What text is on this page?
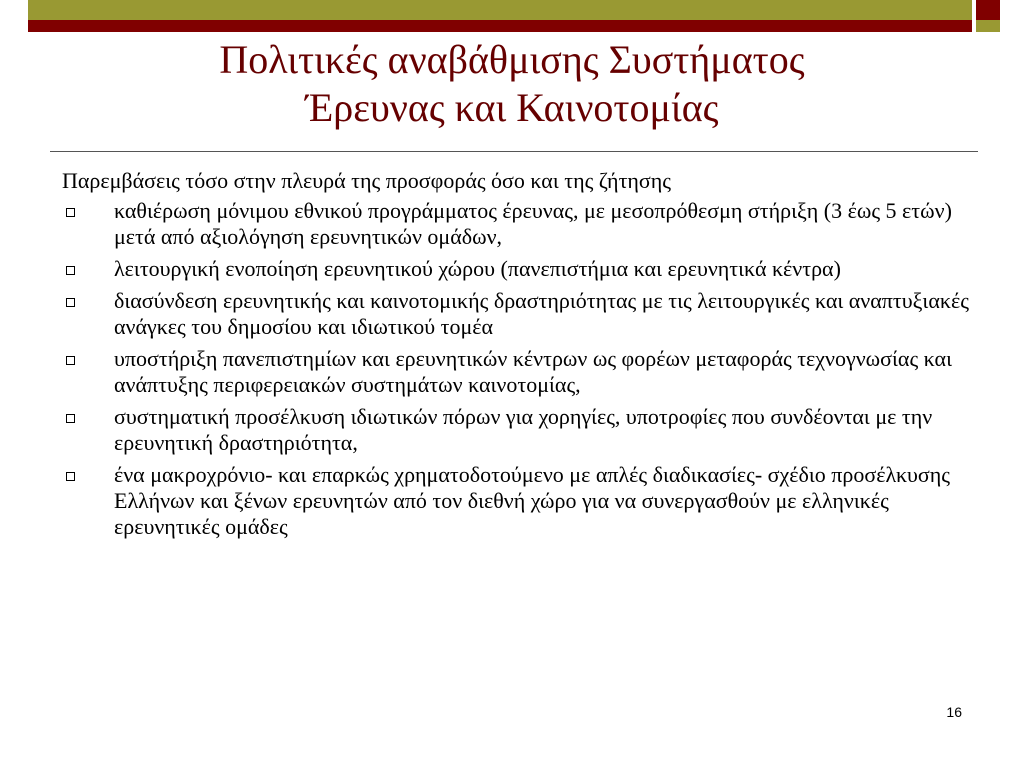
Πολιτικές αναβάθμισης Συστήματος
Έρευνας και Καινοτομίας

Παρεμβάσεις τόσο στην πλευρά της προσφοράς όσο και της ζήτησης

καθιέρωση μόνιμου εθνικού προγράμματος έρευνας, με μεσοπρόθεσμη στήριξη (3 έως 5 ετών) μετά από αξιολόγηση ερευνητικών ομάδων,
λειτουργική ενοποίηση ερευνητικού χώρου (πανεπιστήμια και ερευνητικά κέντρα)
διασύνδεση ερευνητικής και καινοτομικής δραστηριότητας με τις λειτουργικές και αναπτυξιακές ανάγκες του δημοσίου και ιδιωτικού τομέα
υποστήριξη πανεπιστημίων και ερευνητικών κέντρων ως φορέων μεταφοράς τεχνογνωσίας και ανάπτυξης περιφερειακών συστημάτων καινοτομίας,
συστηματική προσέλκυση ιδιωτικών πόρων για χορηγίες, υποτροφίες που συνδέονται με την ερευνητική δραστηριότητα,
ένα μακροχρόνιο- και επαρκώς χρηματοδοτούμενο με απλές διαδικασίες- σχέδιο προσέλκυσης Ελλήνων και ξένων ερευνητών από τον διεθνή χώρο για να συνεργασθούν με ελληνικές ερευνητικές ομάδες
16
